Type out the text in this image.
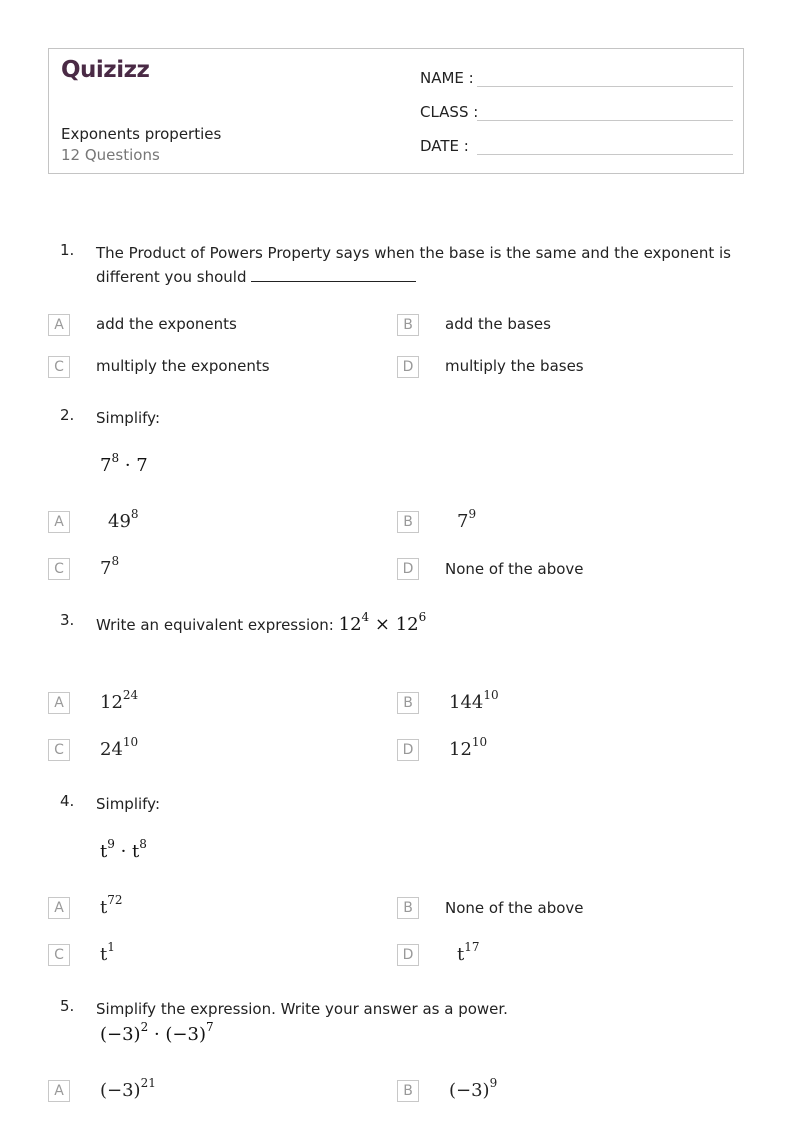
Quizizz
Exponents properties
12 Questions
NAME :
CLASS :
DATE :
1. The Product of Powers Property says when the base is the same and the exponent is different you should
A	add the exponents	B	add the bases
C	multiply the exponents	D	multiply the bases
2. Simplify:
$7^8 \cdot 7$
A	$49^8$	B	$7^9$
C	$7^8$	D	None of the above
3. Write an equivalent expression: $12^4 \times 12^6$
A	$12^{24}$	B	$144^{10}$
C	$24^{10}$	D	$12^{10}$
4. Simplify:
$t^9 \cdot t^8$
A	$t^{72}$	B	None of the above
C	$t^1$	D	$t^{17}$
5. Simplify the expression. Write your answer as a power.
$(-3)^2 \cdot (-3)^7$
A	$(-3)^{21}$	B	$(-3)^9$
